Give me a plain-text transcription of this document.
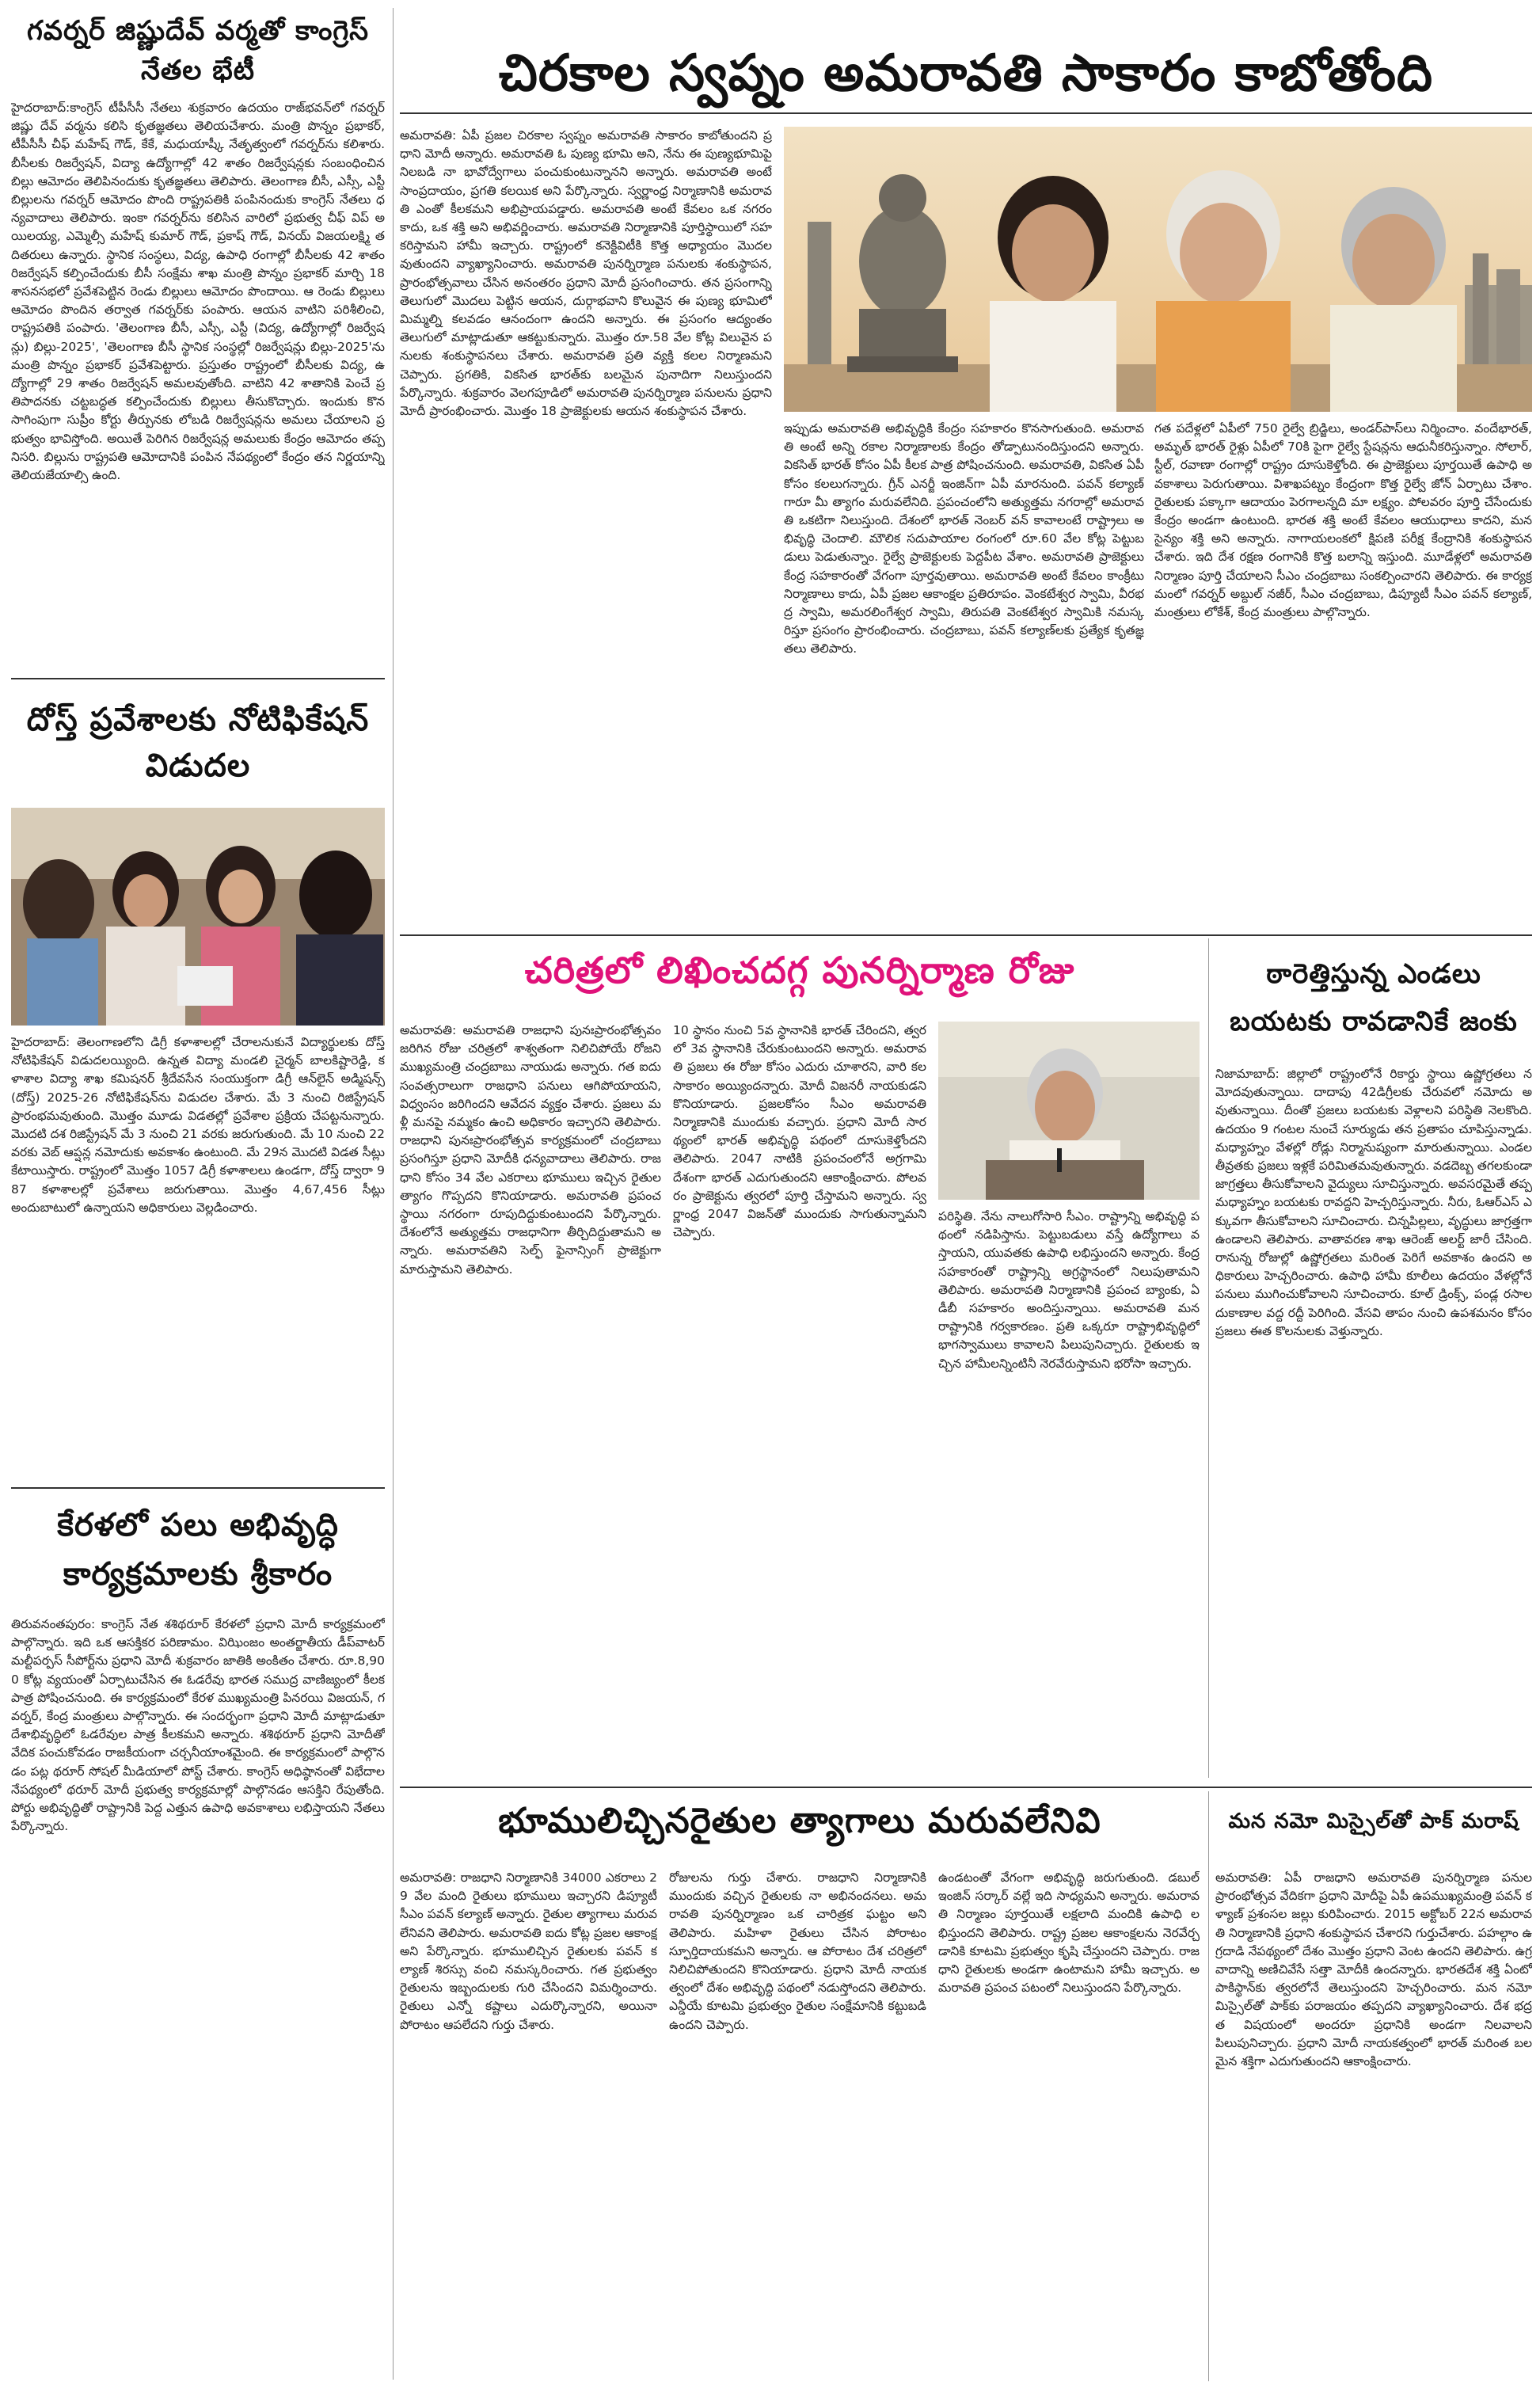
గవర్నర్ జిష్ణుదేవ్ వర్మతో కాంగ్రెస్ నేతల భేటీ
హైదరాబాద్:కాంగ్రెస్ టీపీసీసీ నేతలు శుక్రవారం ఉదయం రాజ్‌భవన్‌లో గవర్నర్ జిష్ణు దేవ్ వర్మను కలిసి కృతజ్ఞతలు తెలియచేశారు. మంత్రి పొన్నం ప్రభాకర్, టీపీసీసీ చీఫ్ మహేష్ గౌడ్, కేకే, మధుయాష్కీ నేతృత్వంలో గవర్నర్‌ను కలిశారు. బీసీలకు రిజర్వేషన్, విద్యా ఉద్యోగాల్లో 42 శాతం రిజర్వేషన్లకు సంబంధించిన బిల్లు ఆమోదం తెలిపినందుకు కృతజ్ఞతలు తెలిపారు. తెలంగాణ బీసీ, ఎస్సీ, ఎస్టీ బిల్లులను గవర్నర్ ఆమోదం పొంది రాష్ట్రపతికి పంపినందుకు కాంగ్రెస్ నేతలు ధన్యవాదాలు తెలిపారు. ఇంకా గవర్నర్‌ను కలిసిన వారిలో ప్రభుత్వ చీఫ్ విప్ అయిలయ్య, ఎమ్మెల్సీ మహేష్ కుమార్ గౌడ్, ప్రకాష్ గౌడ్, వినయ్ విజయలక్ష్మి తదితరులు ఉన్నారు. స్థానిక సంస్థలు, విద్య, ఉపాధి రంగాల్లో బీసీలకు 42 శాతం రిజర్వేషన్ కల్పించేందుకు బీసీ సంక్షేమ శాఖ మంత్రి పొన్నం ప్రభాకర్ మార్చి 18 శాసనసభలో ప్రవేశపెట్టిన రెండు బిల్లులు ఆమోదం పొందాయి. ఆ రెండు బిల్లులు ఆమోదం పొందిన తర్వాత గవర్నర్‌కు పంపారు. ఆయన వాటిని పరిశీలించి, రాష్ట్రపతికి పంపారు. 'తెలంగాణ బీసీ, ఎస్సీ, ఎస్టీ (విద్య, ఉద్యోగాల్లో రిజర్వేషన్లు) బిల్లు-2025', 'తెలంగాణ బీసీ స్థానిక సంస్థల్లో రిజర్వేషన్లు బిల్లు-2025'ను మంత్రి పొన్నం ప్రభాకర్ ప్రవేశపెట్టారు. ప్రస్తుతం రాష్ట్రంలో బీసీలకు విద్య, ఉద్యోగాల్లో 29 శాతం రిజర్వేషన్ అమలవుతోంది. వాటిని 42 శాతానికి పెంచే ప్రతిపాదనకు చట్టబద్ధత కల్పించేందుకు బిల్లులు తీసుకొచ్చారు. ఇందుకు కొనసాగింపుగా సుప్రీం కోర్టు తీర్పునకు లోబడి రిజర్వేషన్లను అమలు చేయాలని ప్రభుత్వం భావిస్తోంది. అయితే పెరిగిన రిజర్వేషన్ల అమలుకు కేంద్రం ఆమోదం తప్పనిసరి. బిల్లును రాష్ట్రపతి ఆమోదానికి పంపిన నేపథ్యంలో కేంద్రం తన నిర్ణయాన్ని తెలియజేయాల్సి ఉంది.
దోస్త్ ప్రవేశాలకు నోటిఫికేషన్ విడుదల
హైదరాబాద్: తెలంగాణలోని డిగ్రీ కళాశాలల్లో చేరాలనుకునే విద్యార్థులకు దోస్త్ నోటిఫికేషన్ విడుదలయ్యింది. ఉన్నత విద్యా మండలి చైర్మన్ బాలకిష్టారెడ్డి, కళాశాల విద్యా శాఖ కమిషనర్ శ్రీదేవసేన సంయుక్తంగా డిగ్రీ ఆన్‌లైన్ అడ్మిషన్స్ (దోస్త్) 2025-26 నోటిఫికేషన్‌ను విడుదల చేశారు. మే 3 నుంచి రిజిస్ట్రేషన్ ప్రారంభమవుతుంది. మొత్తం మూడు విడతల్లో ప్రవేశాల ప్రక్రియ చేపట్టనున్నారు. మొదటి దశ రిజిస్ట్రేషన్ మే 3 నుంచి 21 వరకు జరుగుతుంది. మే 10 నుంచి 22 వరకు వెబ్ ఆప్షన్ల నమోదుకు అవకాశం ఉంటుంది. మే 29న మొదటి విడత సీట్లు కేటాయిస్తారు. రాష్ట్రంలో మొత్తం 1057 డిగ్రీ కళాశాలలు ఉండగా, దోస్త్ ద్వారా 987 కళాశాలల్లో ప్రవేశాలు జరుగుతాయి. మొత్తం 4,67,456 సీట్లు అందుబాటులో ఉన్నాయని అధికారులు వెల్లడించారు.
కేరళలో పలు అభివృద్ధి కార్యక్రమాలకు శ్రీకారం
తిరువనంతపురం: కాంగ్రెస్ నేత శశిథరూర్ కేరళలో ప్రధాని మోదీ కార్యక్రమంలో పాల్గొన్నారు. ఇది ఒక ఆసక్తికర పరిణామం. విఝింజం అంతర్జాతీయ డీప్‌వాటర్ మల్టీపర్పస్ సీపోర్ట్‌ను ప్రధాని మోదీ శుక్రవారం జాతికి అంకితం చేశారు. రూ.8,900 కోట్ల వ్యయంతో ఏర్పాటుచేసిన ఈ ఓడరేవు భారత సముద్ర వాణిజ్యంలో కీలక పాత్ర పోషించనుంది. ఈ కార్యక్రమంలో కేరళ ముఖ్యమంత్రి పినరయి విజయన్, గవర్నర్, కేంద్ర మంత్రులు పాల్గొన్నారు. ఈ సందర్భంగా ప్రధాని మోదీ మాట్లాడుతూ దేశాభివృద్ధిలో ఓడరేవుల పాత్ర కీలకమని అన్నారు. శశిథరూర్ ప్రధాని మోదీతో వేదిక పంచుకోవడం రాజకీయంగా చర్చనీయాంశమైంది. ఈ కార్యక్రమంలో పాల్గొనడం పట్ల థరూర్ సోషల్ మీడియాలో పోస్ట్ చేశారు. కాంగ్రెస్ అధిష్ఠానంతో విభేదాల నేపథ్యంలో థరూర్ మోదీ ప్రభుత్వ కార్యక్రమాల్లో పాల్గొనడం ఆసక్తిని రేపుతోంది. పోర్టు అభివృద్ధితో రాష్ట్రానికి పెద్ద ఎత్తున ఉపాధి అవకాశాలు లభిస్తాయని నేతలు పేర్కొన్నారు.
చిరకాల స్వప్నం అమరావతి సాకారం కాబోతోంది
అమరావతి: ఏపీ ప్రజల చిరకాల స్వప్నం అమరావతి సాకారం కాబోతుందని ప్రధాని మోదీ అన్నారు. అమరావతి ఓ పుణ్య భూమి అని, నేను ఈ పుణ్యభూమిపై నిలబడి నా భావోద్వేగాలు పంచుకుంటున్నానని అన్నారు. అమరావతి అంటే సాంప్రదాయం, ప్రగతి కలయిక అని పేర్కొన్నారు. స్వర్ణాంధ్ర నిర్మాణానికి అమరావతి ఎంతో కీలకమని అభిప్రాయపడ్డారు. అమరావతి అంటే కేవలం ఒక నగరం కాదు, ఒక శక్తి అని అభివర్ణించారు. అమరావతి నిర్మాణానికి పూర్తిస్థాయిలో సహకరిస్తామని హామీ ఇచ్చారు. రాష్ట్రంలో కనెక్టివిటీకి కొత్త అధ్యాయం మొదలవుతుందని వ్యాఖ్యానించారు. అమరావతి పునర్నిర్మాణ పనులకు శంకుస్థాపన, ప్రారంభోత్సవాలు చేసిన అనంతరం ప్రధాని మోదీ ప్రసంగించారు. తన ప్రసంగాన్ని తెలుగులో మొదలు పెట్టిన ఆయన, దుర్గాభవాని కొలువైన ఈ పుణ్య భూమిలో మిమ్మల్ని కలవడం ఆనందంగా ఉందని అన్నారు. ఈ ప్రసంగం ఆద్యంతం తెలుగులో మాట్లాడుతూ ఆకట్టుకున్నారు. మొత్తం రూ.58 వేల కోట్ల విలువైన పనులకు శంకుస్థాపనలు చేశారు. అమరావతి ప్రతి వ్యక్తి కలల నిర్మాణమని చెప్పారు. ప్రగతికి, వికసిత భారత్‌కు బలమైన పునాదిగా నిలుస్తుందని పేర్కొన్నారు. శుక్రవారం వెలగపూడిలో అమరావతి పునర్నిర్మాణ పనులను ప్రధాని మోదీ ప్రారంభించారు. మొత్తం 18 ప్రాజెక్టులకు ఆయన శంకుస్థాపన చేశారు.
ఇప్పుడు అమరావతి అభివృద్ధికి కేంద్రం సహకారం కొనసాగుతుంది. అమరావతి అంటే అన్ని రకాల నిర్మాణాలకు కేంద్రం తోడ్పాటునందిస్తుందని అన్నారు. వికసిత్ భారత్ కోసం ఏపీ కీలక పాత్ర పోషించనుంది. అమరావతి, వికసిత ఏపీ కోసం కలలుగన్నారు. గ్రీన్ ఎనర్జీ ఇంజిన్‌గా ఏపీ మారనుంది. పవన్ కల్యాణ్ గారూ మీ త్యాగం మరువలేనిది. ప్రపంచంలోని అత్యుత్తమ నగరాల్లో అమరావతి ఒకటిగా నిలుస్తుంది. దేశంలో భారత్ నెంబర్ వన్ కావాలంటే రాష్ట్రాలు అభివృద్ధి చెందాలి. మౌలిక సదుపాయాల రంగంలో రూ.60 వేల కోట్ల పెట్టుబడులు పెడుతున్నాం. రైల్వే ప్రాజెక్టులకు పెద్దపీట వేశాం. అమరావతి ప్రాజెక్టులు కేంద్ర సహకారంతో వేగంగా పూర్తవుతాయి. అమరావతి అంటే కేవలం కాంక్రీటు నిర్మాణాలు కాదు, ఏపీ ప్రజల ఆకాంక్షల ప్రతిరూపం. వెంకటేశ్వర స్వామి, వీరభద్ర స్వామి, అమరలింగేశ్వర స్వామి, తిరుపతి వెంకటేశ్వర స్వామికి నమస్కరిస్తూ ప్రసంగం ప్రారంభించారు. చంద్రబాబు, పవన్ కల్యాణ్‌లకు ప్రత్యేక కృతజ్ఞతలు తెలిపారు.
గత పదేళ్లలో ఏపీలో 750 రైల్వే బ్రిడ్జిలు, అండర్‌పాస్‌లు నిర్మించాం. వందేభారత్, అమృత్ భారత్ రైళ్లు ఏపీలో 70కి పైగా రైల్వే స్టేషన్లను ఆధునీకరిస్తున్నాం. సోలార్, స్టీల్, రవాణా రంగాల్లో రాష్ట్రం దూసుకెళ్తోంది. ఈ ప్రాజెక్టులు పూర్తయితే ఉపాధి అవకాశాలు పెరుగుతాయి. విశాఖపట్నం కేంద్రంగా కొత్త రైల్వే జోన్ ఏర్పాటు చేశాం. రైతులకు పక్కాగా ఆదాయం పెరగాలన్నది మా లక్ష్యం. పోలవరం పూర్తి చేసేందుకు కేంద్రం అండగా ఉంటుంది. భారత శక్తి అంటే కేవలం ఆయుధాలు కాదని, మన సైన్యం శక్తి అని అన్నారు. నాగాయలంకలో క్షిపణి పరీక్ష కేంద్రానికి శంకుస్థాపన చేశారు. ఇది దేశ రక్షణ రంగానికి కొత్త బలాన్ని ఇస్తుంది. మూడేళ్లలో అమరావతి నిర్మాణం పూర్తి చేయాలని సీఎం చంద్రబాబు సంకల్పించారని తెలిపారు. ఈ కార్యక్రమంలో గవర్నర్ అబ్దుల్ నజీర్, సీఎం చంద్రబాబు, డిప్యూటీ సీఎం పవన్ కల్యాణ్, మంత్రులు లోకేశ్, కేంద్ర మంత్రులు పాల్గొన్నారు.
చరిత్రలో లిఖించదగ్గ పునర్నిర్మాణ రోజు
అమరావతి: అమరావతి రాజధాని పునఃప్రారంభోత్సవం జరిగిన రోజు చరిత్రలో శాశ్వతంగా నిలిచిపోయే రోజని ముఖ్యమంత్రి చంద్రబాబు నాయుడు అన్నారు. గత ఐదు సంవత్సరాలుగా రాజధాని పనులు ఆగిపోయాయని, విధ్వంసం జరిగిందని ఆవేదన వ్యక్తం చేశారు. ప్రజలు మళ్లీ మనపై నమ్మకం ఉంచి అధికారం ఇచ్చారని తెలిపారు. రాజధాని పునఃప్రారంభోత్సవ కార్యక్రమంలో చంద్రబాబు ప్రసంగిస్తూ ప్రధాని మోదీకి ధన్యవాదాలు తెలిపారు. రాజధాని కోసం 34 వేల ఎకరాలు భూములు ఇచ్చిన రైతుల త్యాగం గొప్పదని కొనియాడారు. అమరావతి ప్రపంచ స్థాయి నగరంగా రూపుదిద్దుకుంటుందని పేర్కొన్నారు. దేశంలోనే అత్యుత్తమ రాజధానిగా తీర్చిదిద్దుతామని అన్నారు. అమరావతిని సెల్ఫ్ ఫైనాన్సింగ్ ప్రాజెక్టుగా మారుస్తామని తెలిపారు.
10 స్థానం నుంచి 5వ స్థానానికి భారత్ చేరిందని, త్వరలో 3వ స్థానానికి చేరుకుంటుందని అన్నారు. అమరావతి ప్రజలు ఈ రోజు కోసం ఎదురు చూశారని, వారి కల సాకారం అయ్యిందన్నారు. మోదీ విజనరీ నాయకుడని కొనియాడారు. ప్రజలకోసం సీఎం అమరావతి నిర్మాణానికి ముందుకు వచ్చారు. ప్రధాని మోదీ సారథ్యంలో భారత్ అభివృద్ధి పథంలో దూసుకెళ్తోందని తెలిపారు. 2047 నాటికి ప్రపంచంలోనే అగ్రగామి దేశంగా భారత్ ఎదుగుతుందని ఆకాంక్షించారు. పోలవరం ప్రాజెక్టును త్వరలో పూర్తి చేస్తామని అన్నారు. స్వర్ణాంధ్ర 2047 విజన్‌తో ముందుకు సాగుతున్నామని చెప్పారు.
పరిస్థితి. నేను నాలుగోసారి సీఎం. రాష్ట్రాన్ని అభివృద్ధి పథంలో నడిపిస్తాను. పెట్టుబడులు వస్తే ఉద్యోగాలు వస్తాయని, యువతకు ఉపాధి లభిస్తుందని అన్నారు. కేంద్ర సహకారంతో రాష్ట్రాన్ని అగ్రస్థానంలో నిలుపుతామని తెలిపారు. అమరావతి నిర్మాణానికి ప్రపంచ బ్యాంకు, ఏడీబీ సహకారం అందిస్తున్నాయి. అమరావతి మన రాష్ట్రానికి గర్వకారణం. ప్రతి ఒక్కరూ రాష్ట్రాభివృద్ధిలో భాగస్వాములు కావాలని పిలుపునిచ్చారు. రైతులకు ఇచ్చిన హామీలన్నింటినీ నెరవేరుస్తామని భరోసా ఇచ్చారు.
ఠారెత్తిస్తున్న ఎండలు బయటకు రావడానికే జంకు
నిజామాబాద్: జిల్లాలో రాష్ట్రంలోనే రికార్డు స్థాయి ఉష్ణోగ్రతలు నమోదవుతున్నాయి. దాదాపు 42డిగ్రీలకు చేరువలో నమోదు అవుతున్నాయి. దీంతో ప్రజలు బయటకు వెళ్లాలని పరిస్థితి నెలకొంది. ఉదయం 9 గంటల నుంచే సూర్యుడు తన ప్రతాపం చూపిస్తున్నాడు. మధ్యాహ్నం వేళల్లో రోడ్లు నిర్మానుష్యంగా మారుతున్నాయి. ఎండల తీవ్రతకు ప్రజలు ఇళ్లకే పరిమితమవుతున్నారు. వడదెబ్బ తగలకుండా జాగ్రత్తలు తీసుకోవాలని వైద్యులు సూచిస్తున్నారు. అవసరమైతే తప్ప మధ్యాహ్నం బయటకు రావద్దని హెచ్చరిస్తున్నారు. నీరు, ఓఆర్ఎస్ ఎక్కువగా తీసుకోవాలని సూచించారు. చిన్నపిల్లలు, వృద్ధులు జాగ్రత్తగా ఉండాలని తెలిపారు. వాతావరణ శాఖ ఆరెంజ్ అలర్ట్ జారీ చేసింది. రానున్న రోజుల్లో ఉష్ణోగ్రతలు మరింత పెరిగే అవకాశం ఉందని అధికారులు హెచ్చరించారు. ఉపాధి హామీ కూలీలు ఉదయం వేళల్లోనే పనులు ముగించుకోవాలని సూచించారు. కూల్ డ్రింక్స్, పండ్ల రసాల దుకాణాల వద్ద రద్దీ పెరిగింది. వేసవి తాపం నుంచి ఉపశమనం కోసం ప్రజలు ఈత కొలనులకు వెళ్తున్నారు.
భూములిచ్చినరైతుల త్యాగాలు మరువలేనివి
అమరావతి: రాజధాని నిర్మాణానికి 34000 ఎకరాలు 29 వేల మంది రైతులు భూములు ఇచ్చారని డిప్యూటీ సీఎం పవన్ కల్యాణ్ అన్నారు. రైతుల త్యాగాలు మరువలేనివని తెలిపారు. అమరావతి ఐదు కోట్ల ప్రజల ఆకాంక్ష అని పేర్కొన్నారు. భూములిచ్చిన రైతులకు పవన్ కల్యాణ్ శిరస్సు వంచి నమస్కరించారు. గత ప్రభుత్వం రైతులను ఇబ్బందులకు గురి చేసిందని విమర్శించారు. రైతులు ఎన్నో కష్టాలు ఎదుర్కొన్నారని, అయినా పోరాటం ఆపలేదని గుర్తు చేశారు.
రోజులను గుర్తు చేశారు. రాజధాని నిర్మాణానికి ముందుకు వచ్చిన రైతులకు నా అభినందనలు. అమరావతి పునర్నిర్మాణం ఒక చారిత్రక ఘట్టం అని తెలిపారు. మహిళా రైతులు చేసిన పోరాటం స్ఫూర్తిదాయకమని అన్నారు. ఆ పోరాటం దేశ చరిత్రలో నిలిచిపోతుందని కొనియాడారు. ప్రధాని మోదీ నాయకత్వంలో దేశం అభివృద్ధి పథంలో నడుస్తోందని తెలిపారు. ఎన్డీయే కూటమి ప్రభుత్వం రైతుల సంక్షేమానికి కట్టుబడి ఉందని చెప్పారు.
ఉండటంతో వేగంగా అభివృద్ధి జరుగుతుంది. డబుల్ ఇంజిన్ సర్కార్ వల్లే ఇది సాధ్యమని అన్నారు. అమరావతి నిర్మాణం పూర్తయితే లక్షలాది మందికి ఉపాధి లభిస్తుందని తెలిపారు. రాష్ట్ర ప్రజల ఆకాంక్షలను నెరవేర్చడానికి కూటమి ప్రభుత్వం కృషి చేస్తుందని చెప్పారు. రాజధాని రైతులకు అండగా ఉంటామని హామీ ఇచ్చారు. అమరావతి ప్రపంచ పటంలో నిలుస్తుందని పేర్కొన్నారు.
మన నమో మిస్సైల్‌తో పాక్ మరాష్
అమరావతి: ఏపీ రాజధాని అమరావతి పునర్నిర్మాణ పనుల ప్రారంభోత్సవ వేదికగా ప్రధాని మోదీపై ఏపీ ఉపముఖ్యమంత్రి పవన్ కళ్యాణ్ ప్రశంసల జల్లు కురిపించారు. 2015 అక్టోబర్ 22న అమరావతి నిర్మాణానికి ప్రధాని శంకుస్థాపన చేశారని గుర్తుచేశారు. పహల్గాం ఉగ్రదాడి నేపథ్యంలో దేశం మొత్తం ప్రధాని వెంట ఉందని తెలిపారు. ఉగ్రవాదాన్ని అణిచివేసే సత్తా మోదీకి ఉందన్నారు. భారతదేశ శక్తి ఏంటో పాకిస్థాన్‌కు త్వరలోనే తెలుస్తుందని హెచ్చరించారు. మన నమో మిస్సైల్‌తో పాక్‌కు పరాజయం తప్పదని వ్యాఖ్యానించారు. దేశ భద్రత విషయంలో అందరూ ప్రధానికి అండగా నిలవాలని పిలుపునిచ్చారు. ప్రధాని మోదీ నాయకత్వంలో భారత్ మరింత బలమైన శక్తిగా ఎదుగుతుందని ఆకాంక్షించారు.
